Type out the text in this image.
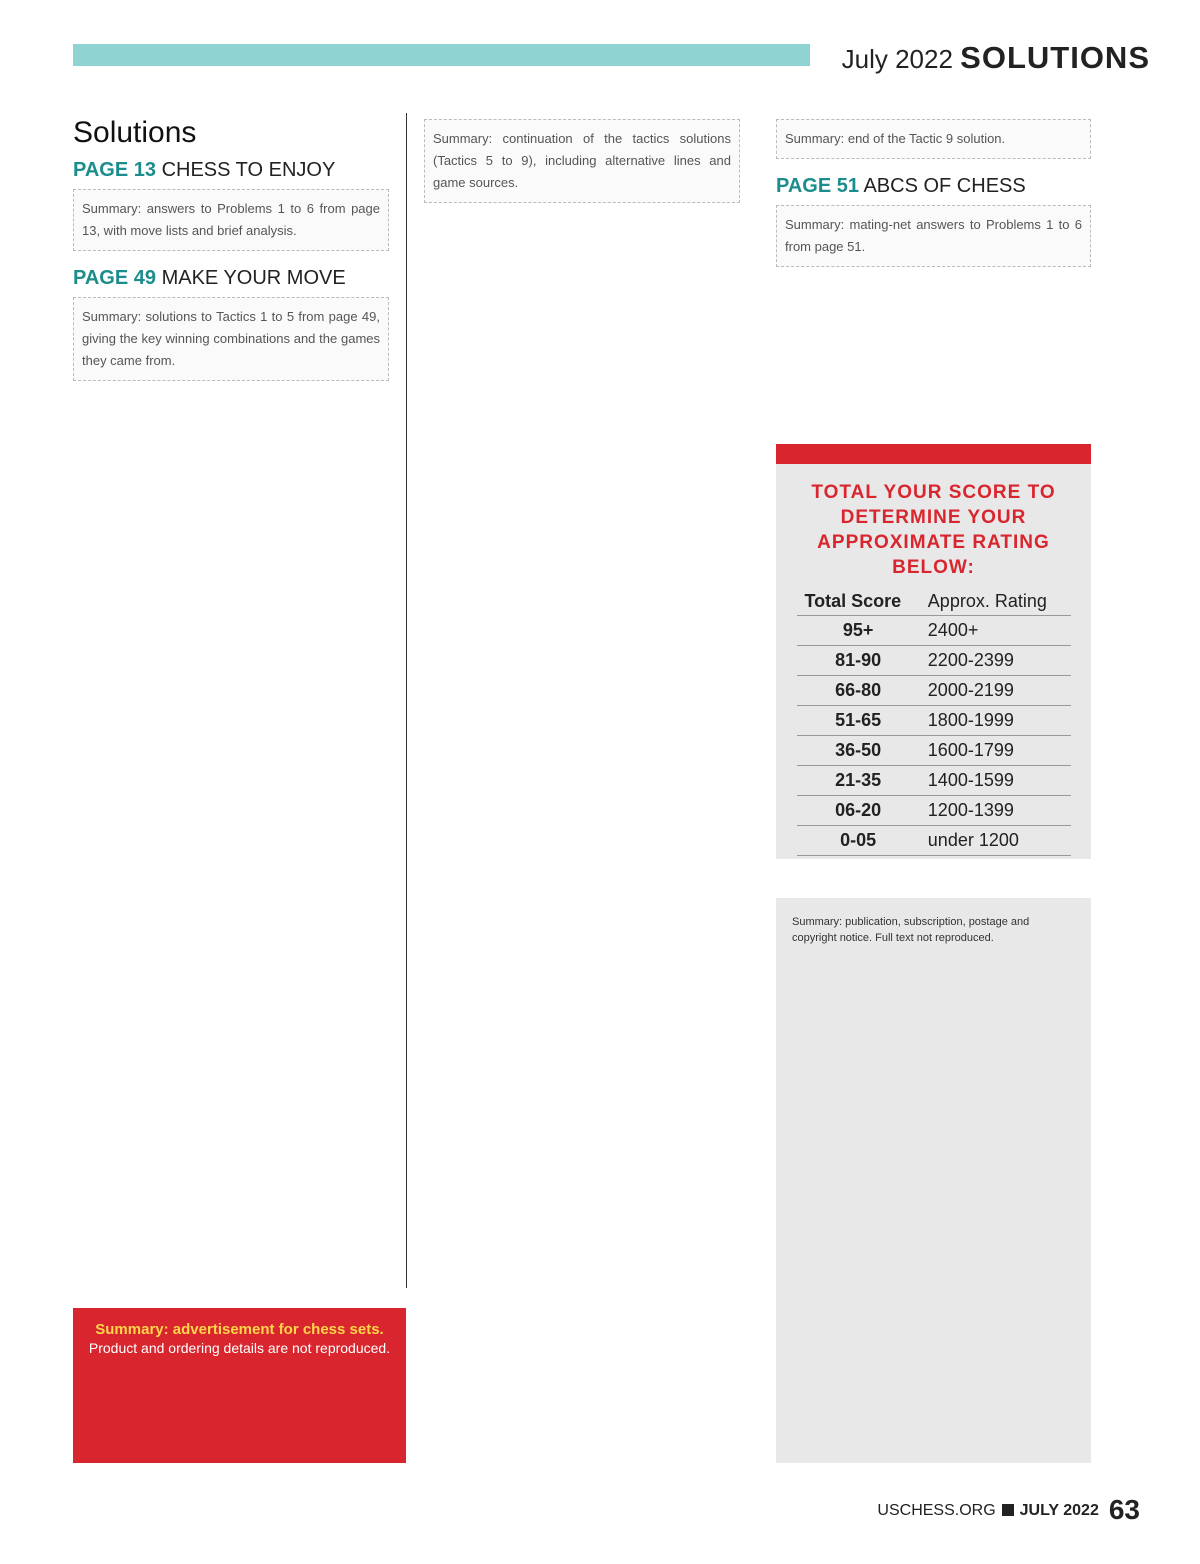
July 2022 SOLUTIONS
Solutions
PAGE 13 CHESS TO ENJOY
Summary: answers to Problems 1 to 6 from page 13, with move lists and brief analysis.
PAGE 49 MAKE YOUR MOVE
Summary: solutions to Tactics 1 to 5 from page 49, giving the key winning combinations and the games they came from.
Summary: continuation of the tactics solutions (Tactics 5 to 9), including alternative lines and game sources.
Summary: end of the Tactic 9 solution.
PAGE 51 ABCS OF CHESS
Summary: mating-net answers to Problems 1 to 6 from page 51.
TOTAL YOUR SCORE TO DETERMINE YOUR APPROXIMATE RATING BELOW:
Total Score	Approx. Rating
95+	2400+
81-90	2200-2399
66-80	2000-2199
51-65	1800-1999
36-50	1600-1799
21-35	1400-1599
06-20	1200-1399
0-05	under 1200
Summary: advertisement for chess sets.
Product and ordering details are not reproduced.
Summary: publication, subscription, postage and copyright notice. Full text not reproduced.
USCHESS.ORG JULY 2022 63
